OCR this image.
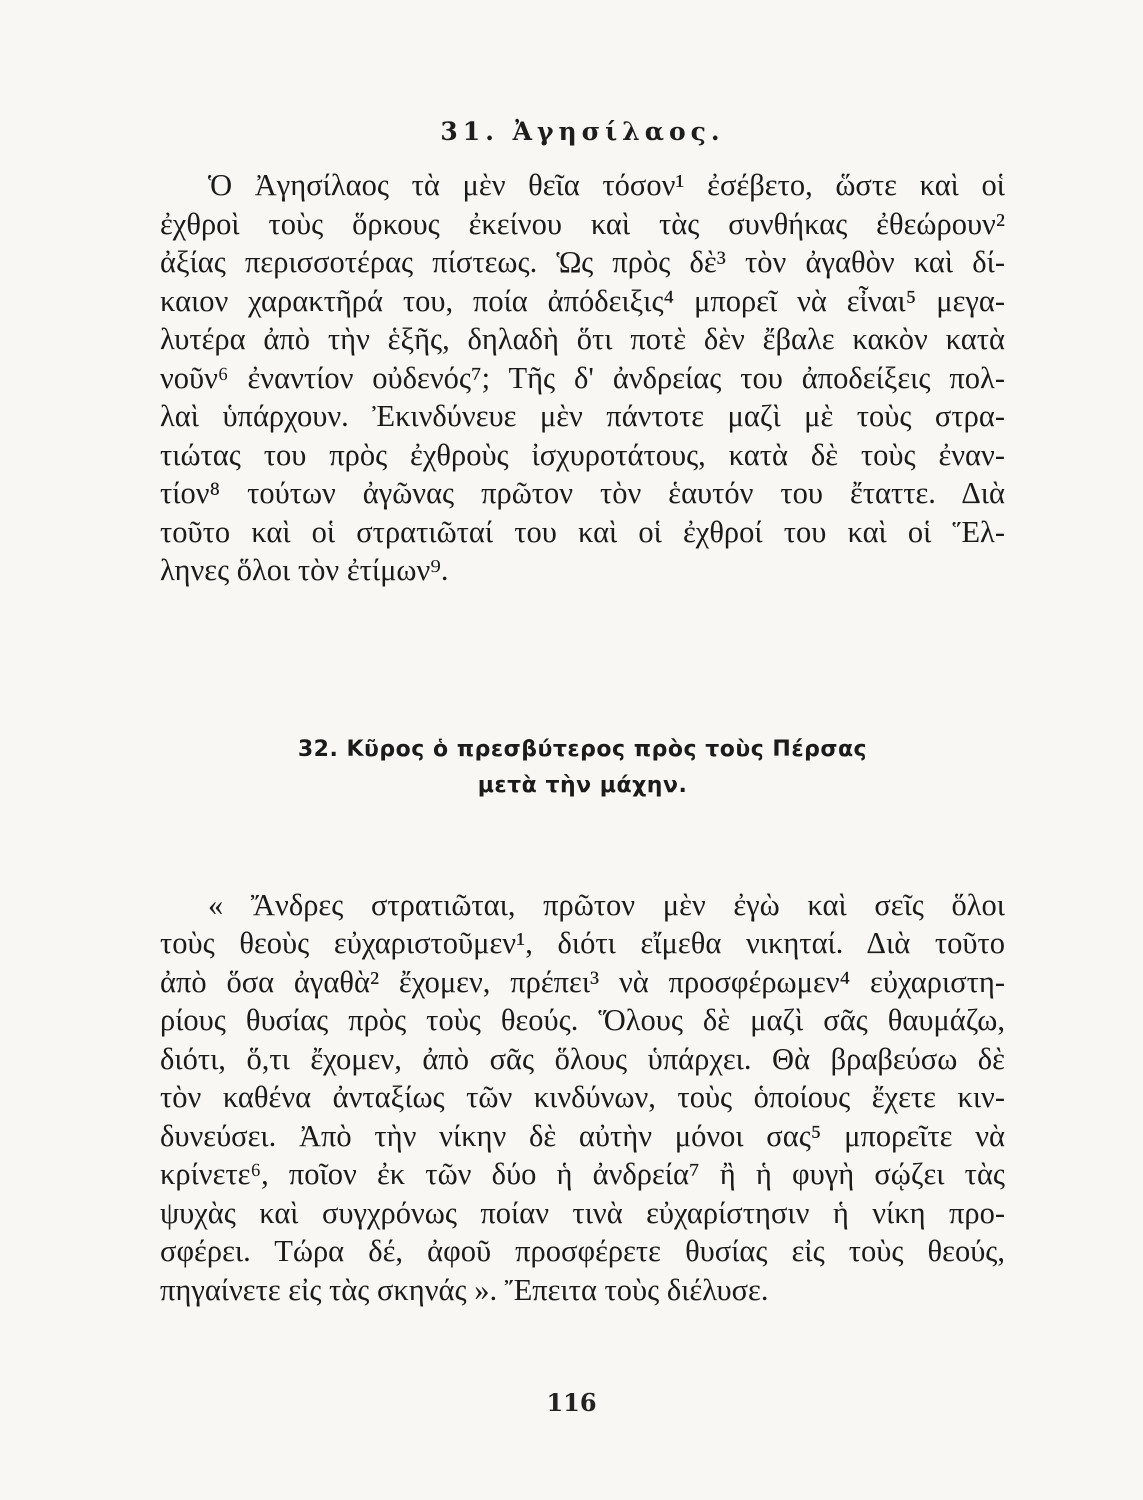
31. Ἀγησίλαος.

Ὁ Ἀγησίλαος τὰ μὲν θεῖα τόσον¹ ἐσέβετο, ὥστε καὶ οἱ
ἐχθροὶ τοὺς ὅρκους ἐκείνου καὶ τὰς συνθήκας ἐθεώρουν²
ἀξίας περισσοτέρας πίστεως. Ὡς πρὸς δὲ³ τὸν ἀγαθὸν καὶ δί-
καιον χαρακτῆρά του, ποία ἀπόδειξις⁴ μπορεῖ νὰ εἶναι⁵ μεγα-
λυτέρα ἀπὸ τὴν ἑξῆς, δηλαδὴ ὅτι ποτὲ δὲν ἔβαλε κακὸν κατὰ
νοῦν⁶ ἐναντίον οὐδενός⁷; Τῆς δ' ἀνδρείας του ἀποδείξεις πολ-
λαὶ ὑπάρχουν. Ἐκινδύνευε μὲν πάντοτε μαζὶ μὲ τοὺς στρα-
τιώτας του πρὸς ἐχθροὺς ἰσχυροτάτους, κατὰ δὲ τοὺς ἐναν-
τίον⁸ τούτων ἀγῶνας πρῶτον τὸν ἑαυτόν του ἔταττε. Διὰ
τοῦτο καὶ οἱ στρατιῶταί του καὶ οἱ ἐχθροί του καὶ οἱ Ἕλ-
ληνες ὅλοι τὸν ἐτίμων⁹.

32. Κῦρος ὁ πρεσβύτερος πρὸς τοὺς Πέρσας
μετὰ τὴν μάχην.

« Ἄνδρες στρατιῶται, πρῶτον μὲν ἐγὼ καὶ σεῖς ὅλοι
τοὺς θεοὺς εὐχαριστοῦμεν¹, διότι εἴμεθα νικηταί. Διὰ τοῦτο
ἀπὸ ὅσα ἀγαθὰ² ἔχομεν, πρέπει³ νὰ προσφέρωμεν⁴ εὐχαριστη-
ρίους θυσίας πρὸς τοὺς θεούς. Ὅλους δὲ μαζὶ σᾶς θαυμάζω,
διότι, ὅ,τι ἔχομεν, ἀπὸ σᾶς ὅλους ὑπάρχει. Θὰ βραβεύσω δὲ
τὸν καθένα ἀνταξίως τῶν κινδύνων, τοὺς ὁποίους ἔχετε κιν-
δυνεύσει. Ἀπὸ τὴν νίκην δὲ αὐτὴν μόνοι σας⁵ μπορεῖτε νὰ
κρίνετε⁶, ποῖον ἐκ τῶν δύο ἡ ἀνδρεία⁷ ἢ ἡ φυγὴ σῴζει τὰς
ψυχὰς καὶ συγχρόνως ποίαν τινὰ εὐχαρίστησιν ἡ νίκη προ-
σφέρει. Τώρα δέ, ἀφοῦ προσφέρετε θυσίας εἰς τοὺς θεούς,
πηγαίνετε εἰς τὰς σκηνάς ». Ἔπειτα τοὺς διέλυσε.

116
